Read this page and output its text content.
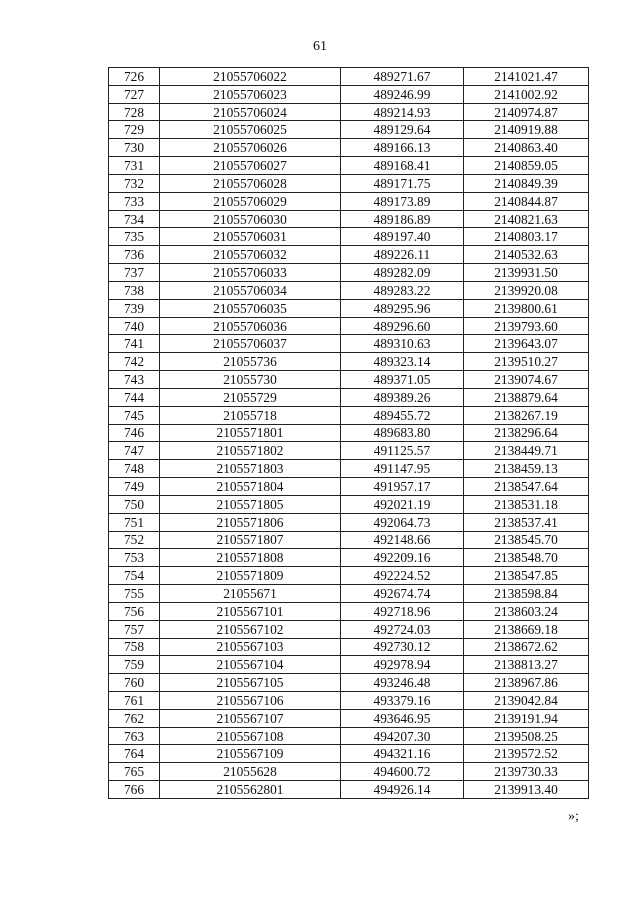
61
726	21055706022	489271.67	2141021.47
727	21055706023	489246.99	2141002.92
728	21055706024	489214.93	2140974.87
729	21055706025	489129.64	2140919.88
730	21055706026	489166.13	2140863.40
731	21055706027	489168.41	2140859.05
732	21055706028	489171.75	2140849.39
733	21055706029	489173.89	2140844.87
734	21055706030	489186.89	2140821.63
735	21055706031	489197.40	2140803.17
736	21055706032	489226.11	2140532.63
737	21055706033	489282.09	2139931.50
738	21055706034	489283.22	2139920.08
739	21055706035	489295.96	2139800.61
740	21055706036	489296.60	2139793.60
741	21055706037	489310.63	2139643.07
742	21055736	489323.14	2139510.27
743	21055730	489371.05	2139074.67
744	21055729	489389.26	2138879.64
745	21055718	489455.72	2138267.19
746	2105571801	489683.80	2138296.64
747	2105571802	491125.57	2138449.71
748	2105571803	491147.95	2138459.13
749	2105571804	491957.17	2138547.64
750	2105571805	492021.19	2138531.18
751	2105571806	492064.73	2138537.41
752	2105571807	492148.66	2138545.70
753	2105571808	492209.16	2138548.70
754	2105571809	492224.52	2138547.85
755	21055671	492674.74	2138598.84
756	2105567101	492718.96	2138603.24
757	2105567102	492724.03	2138669.18
758	2105567103	492730.12	2138672.62
759	2105567104	492978.94	2138813.27
760	2105567105	493246.48	2138967.86
761	2105567106	493379.16	2139042.84
762	2105567107	493646.95	2139191.94
763	2105567108	494207.30	2139508.25
764	2105567109	494321.16	2139572.52
765	21055628	494600.72	2139730.33
766	2105562801	494926.14	2139913.40
»;
